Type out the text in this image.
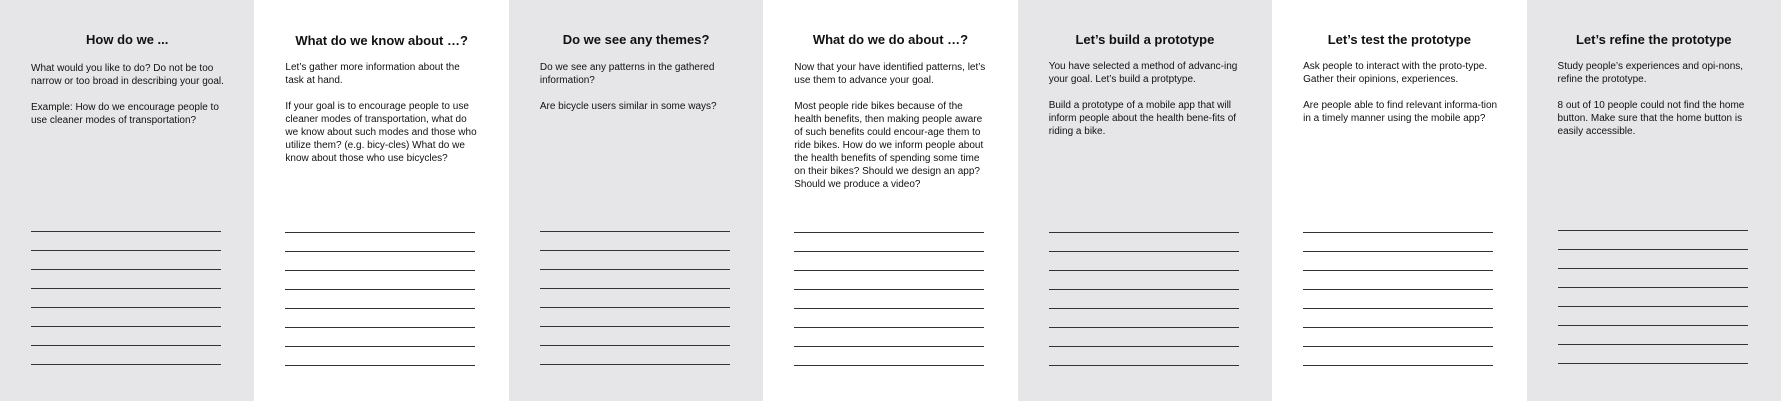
How do we ...

What would you like to do? Do not be too narrow or too broad in describing your goal.

Example: How do we encourage people to use cleaner modes of transportation?

What do we know about …?

Let’s gather more information about the task at hand.

If your goal is to encourage people to use cleaner modes of transportation, what do we know about such modes and those who utilize them? (e.g. bicy-cles) What do we know about those who use bicycles?

Do we see any themes?

Do we see any patterns in the gathered information?

Are bicycle users similar in some ways?

What do we do about …?

Now that your have identified patterns, let’s use them to advance your goal.

Most people ride bikes because of the health benefits, then making people aware of such benefits could encour-age them to ride bikes. How do we inform people about the health benefits of spending some time on their bikes? Should we design an app? Should we produce a video?

Let’s build a prototype

You have selected a method of advanc-ing your goal. Let’s build a protptype.

Build a prototype of a mobile app that will inform people about the health bene-fits of riding a bike.

Let’s test the prototype

Ask people to interact with the proto-type. Gather their opinions, experiences.

Are people able to find relevant informa-tion in a timely manner using the mobile app?

Let’s refine the prototype

Study people’s experiences and opi-nons, refine the prototype.

8 out of 10 people could not find the home button. Make sure that the home button is easily accessible.
